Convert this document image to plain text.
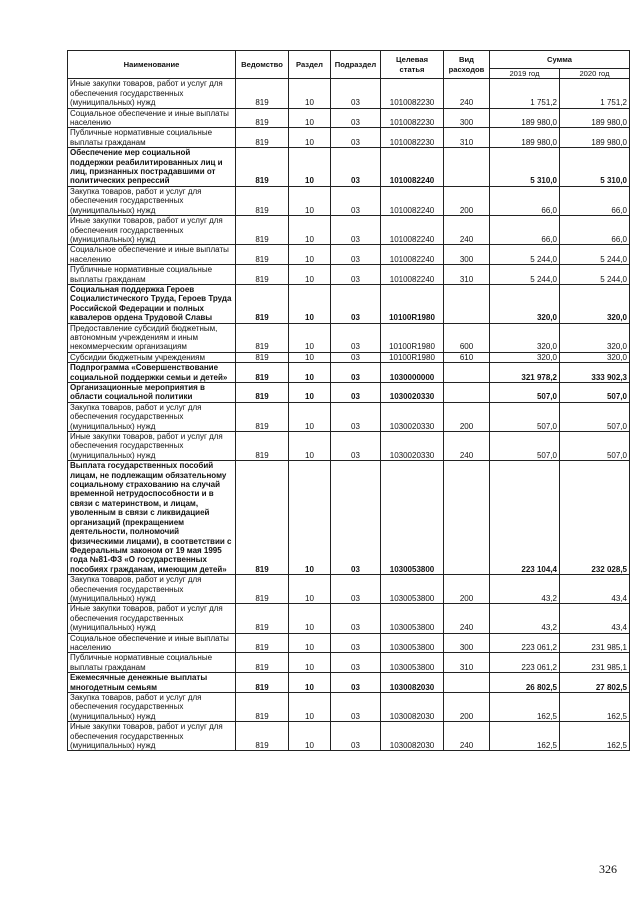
Наименование	Ведомство	Раздел	Подраздел	Целевая статья	Вид расходов	Сумма	
						2019 год	2020 год
Иные закупки товаров, работ и услуг для обеспечения государственных (муниципальных) нужд	819	10	03	1010082230	240	1 751,2	1 751,2
Социальное обеспечение и иные выплаты населению	819	10	03	1010082230	300	189 980,0	189 980,0
Публичные нормативные социальные выплаты гражданам	819	10	03	1010082230	310	189 980,0	189 980,0
Обеспечение мер социальной поддержки реабилитированных лиц и лиц, признанных пострадавшими от политических репрессий	819	10	03	1010082240		5 310,0	5 310,0
Закупка товаров, работ и услуг для обеспечения государственных (муниципальных) нужд	819	10	03	1010082240	200	66,0	66,0
Иные закупки товаров, работ и услуг для обеспечения государственных (муниципальных) нужд	819	10	03	1010082240	240	66,0	66,0
Социальное обеспечение и иные выплаты населению	819	10	03	1010082240	300	5 244,0	5 244,0
Публичные нормативные социальные выплаты гражданам	819	10	03	1010082240	310	5 244,0	5 244,0
Социальная поддержка Героев Социалистического Труда, Героев Труда Российской Федерации и полных кавалеров ордена Трудовой Славы	819	10	03	10100R1980		320,0	320,0
Предоставление субсидий бюджетным, автономным учреждениям и иным некоммерческим организациям	819	10	03	10100R1980	600	320,0	320,0
Субсидии бюджетным учреждениям	819	10	03	10100R1980	610	320,0	320,0
Подпрограмма «Совершенствование социальной поддержки семьи и детей»	819	10	03	1030000000		321 978,2	333 902,3
Организационные мероприятия в области социальной политики	819	10	03	1030020330		507,0	507,0
Закупка товаров, работ и услуг для обеспечения государственных (муниципальных) нужд	819	10	03	1030020330	200	507,0	507,0
Иные закупки товаров, работ и услуг для обеспечения государственных (муниципальных) нужд	819	10	03	1030020330	240	507,0	507,0
Выплата государственных пособий лицам, не подлежащим обязательному социальному страхованию на случай временной нетрудоспособности и в связи с материнством, и лицам, уволенным в связи с ликвидацией организаций (прекращением деятельности, полномочий физическими лицами), в соответствии с Федеральным законом от 19 мая 1995 года №81-ФЗ «О государственных пособиях гражданам, имеющим детей»	819	10	03	1030053800		223 104,4	232 028,5
Закупка товаров, работ и услуг для обеспечения государственных (муниципальных) нужд	819	10	03	1030053800	200	43,2	43,4
Иные закупки товаров, работ и услуг для обеспечения государственных (муниципальных) нужд	819	10	03	1030053800	240	43,2	43,4
Социальное обеспечение и иные выплаты населению	819	10	03	1030053800	300	223 061,2	231 985,1
Публичные нормативные социальные выплаты гражданам	819	10	03	1030053800	310	223 061,2	231 985,1
Ежемесячные денежные выплаты многодетным семьям	819	10	03	1030082030		26 802,5	27 802,5
Закупка товаров, работ и услуг для обеспечения государственных (муниципальных) нужд	819	10	03	1030082030	200	162,5	162,5
Иные закупки товаров, работ и услуг для обеспечения государственных (муниципальных) нужд	819	10	03	1030082030	240	162,5	162,5
326
